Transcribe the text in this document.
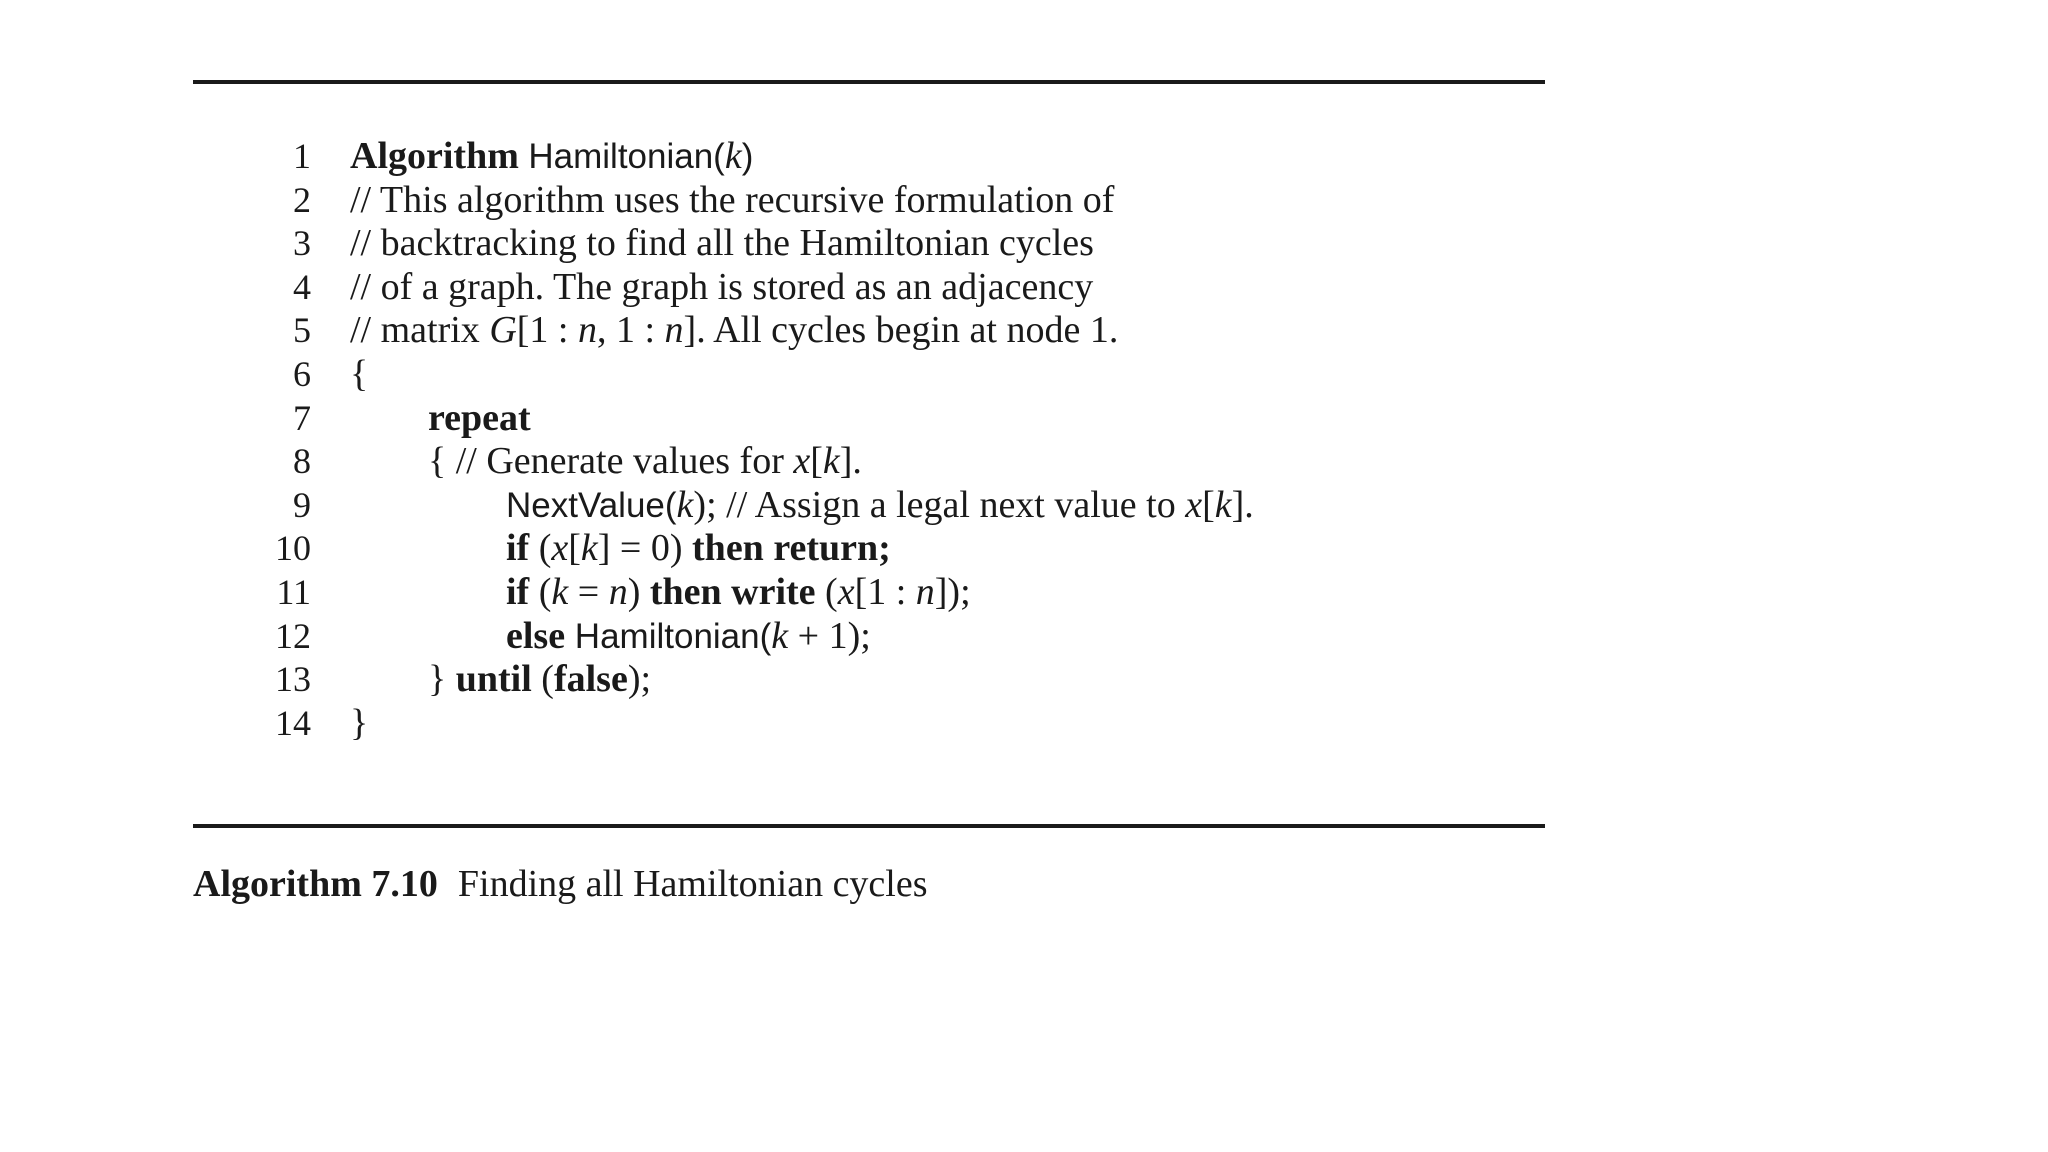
1 Algorithm Hamiltonian(k)
2 // This algorithm uses the recursive formulation of
3 // backtracking to find all the Hamiltonian cycles
4 // of a graph. The graph is stored as an adjacency
5 // matrix G[1 : n, 1 : n]. All cycles begin at node 1.
6 {
7	repeat
8	{ // Generate values for x[k].
9	NextValue(k); // Assign a legal next value to x[k].
10	if (x[k] = 0) then return;
11	if (k = n) then write (x[1 : n]);
12	else Hamiltonian(k + 1);
13	} until (false);
14 }
Algorithm 7.10 Finding all Hamiltonian cycles
